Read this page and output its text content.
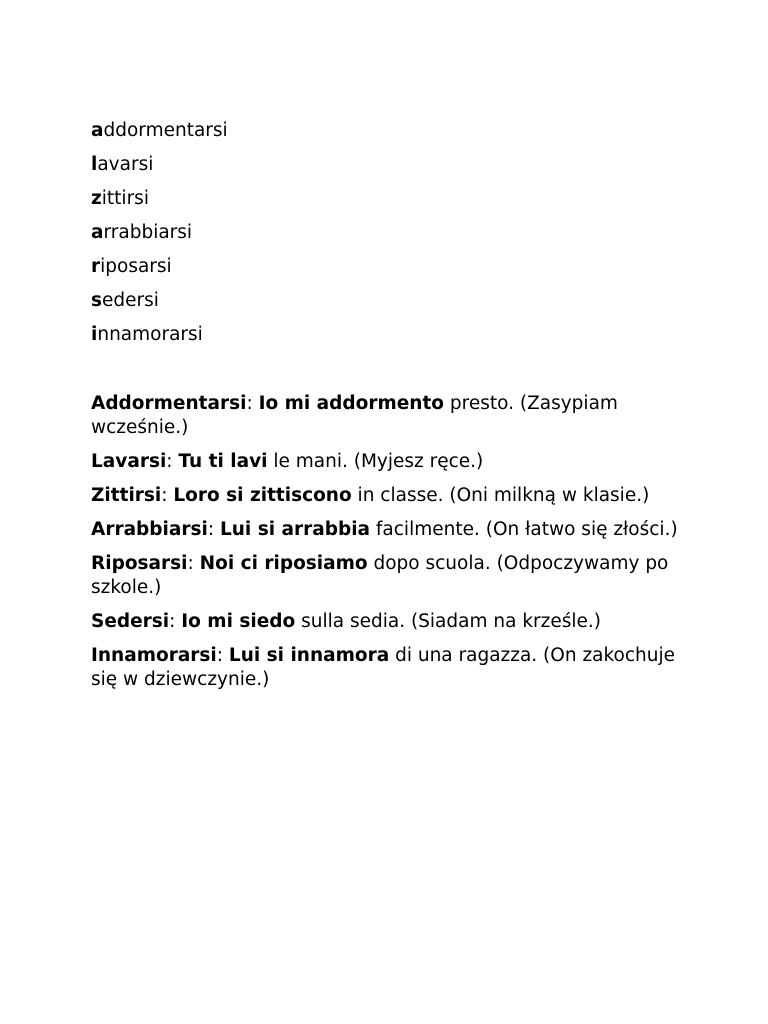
addormentarsi
lavarsi
zittirsi
arrabbiarsi
riposarsi
sedersi
innamorarsi
Addormentarsi: Io mi addormento presto. (Zasypiam wcześnie.)
Lavarsi: Tu ti lavi le mani. (Myjesz ręce.)
Zittirsi: Loro si zittiscono in classe. (Oni milkną w klasie.)
Arrabbiarsi: Lui si arrabbia facilmente. (On łatwo się złości.)
Riposarsi: Noi ci riposiamo dopo scuola. (Odpoczywamy po szkole.)
Sedersi: Io mi siedo sulla sedia. (Siadam na krześle.)
Innamorarsi: Lui si innamora di una ragazza. (On zakochuje się w dziewczynie.)
